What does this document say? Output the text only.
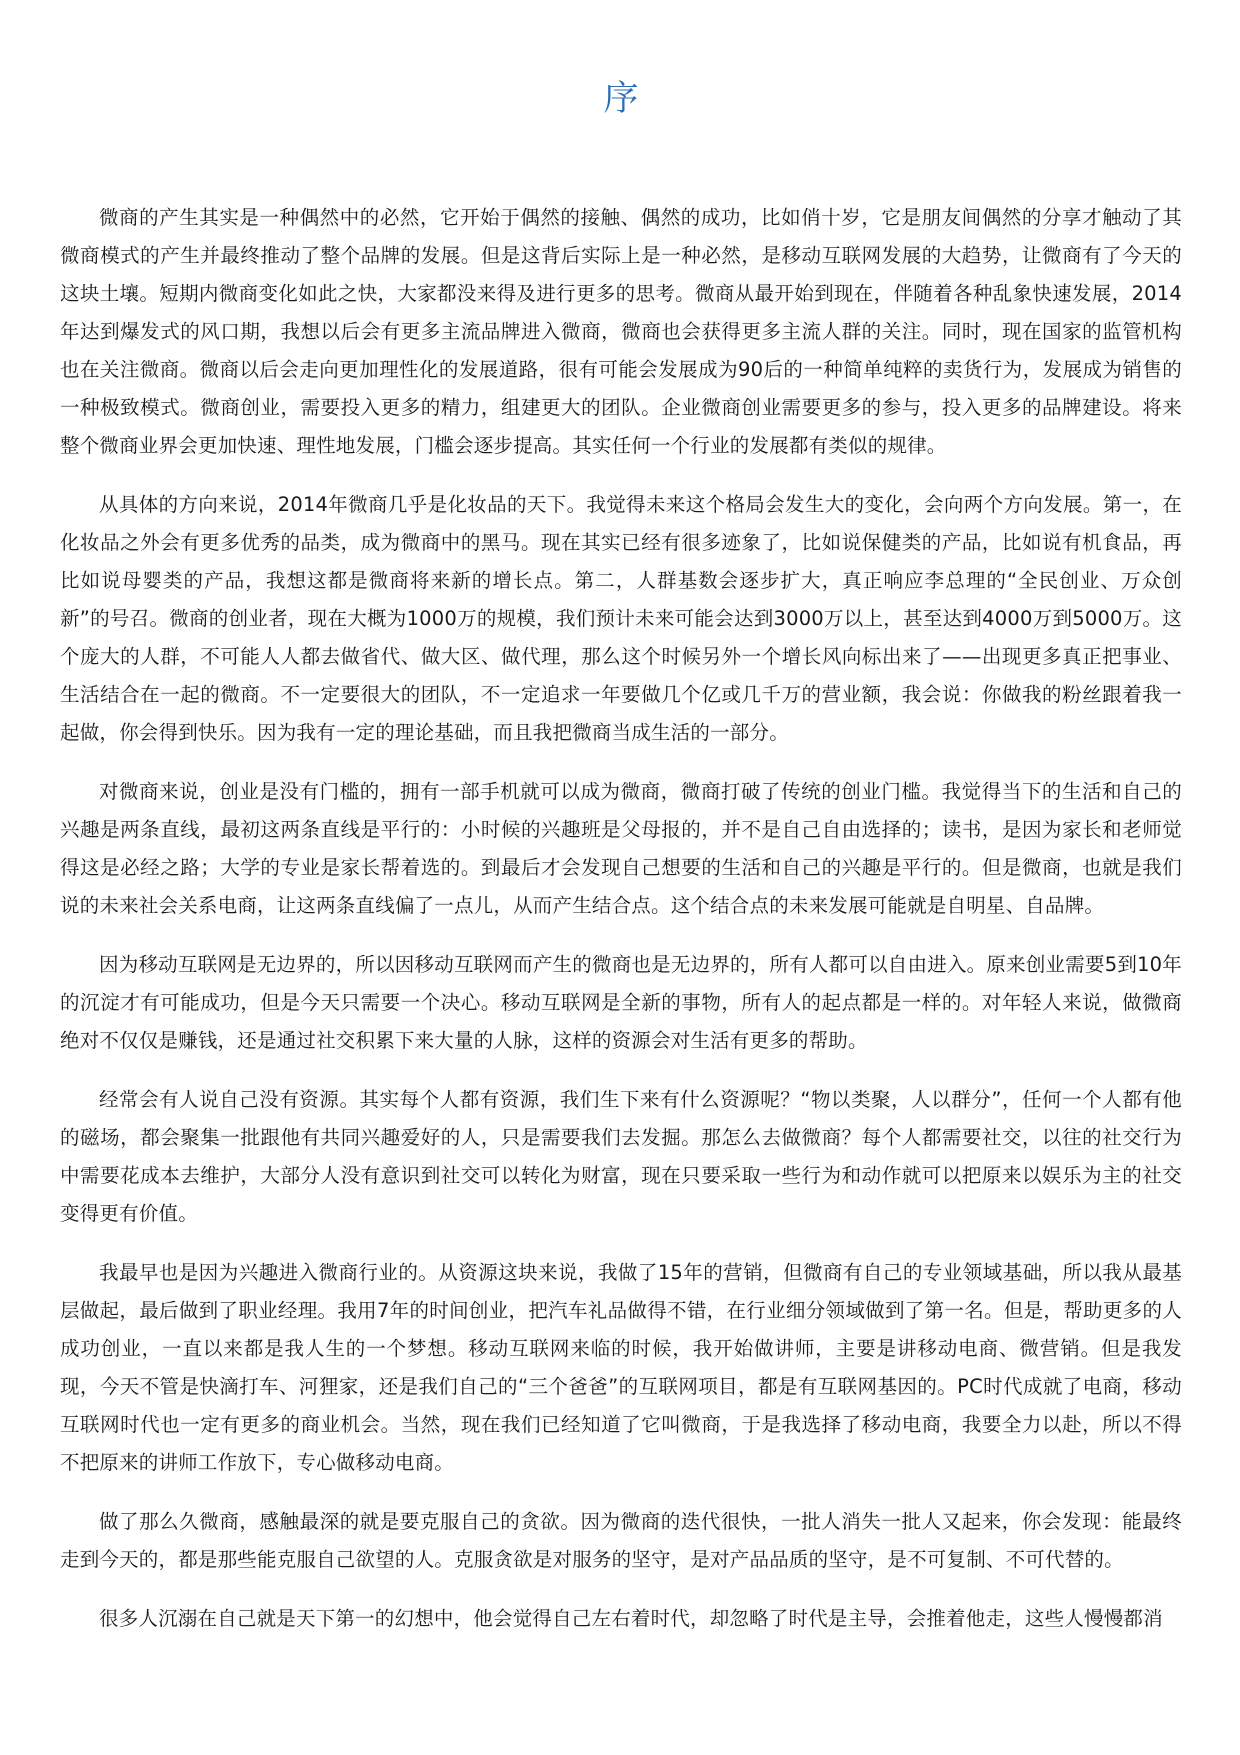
序

微商的产生其实是一种偶然中的必然，它开始于偶然的接触、偶然的成功，比如俏十岁，它是朋友间偶然的分享才触动了其微商模式的产生并最终推动了整个品牌的发展。但是这背后实际上是一种必然，是移动互联网发展的大趋势，让微商有了今天的这块土壤。短期内微商变化如此之快，大家都没来得及进行更多的思考。微商从最开始到现在，伴随着各种乱象快速发展，2014年达到爆发式的风口期，我想以后会有更多主流品牌进入微商，微商也会获得更多主流人群的关注。同时，现在国家的监管机构也在关注微商。微商以后会走向更加理性化的发展道路，很有可能会发展成为90后的一种简单纯粹的卖货行为，发展成为销售的一种极致模式。微商创业，需要投入更多的精力，组建更大的团队。企业微商创业需要更多的参与，投入更多的品牌建设。将来整个微商业界会更加快速、理性地发展，门槛会逐步提高。其实任何一个行业的发展都有类似的规律。

从具体的方向来说，2014年微商几乎是化妆品的天下。我觉得未来这个格局会发生大的变化，会向两个方向发展。第一，在化妆品之外会有更多优秀的品类，成为微商中的黑马。现在其实已经有很多迹象了，比如说保健类的产品，比如说有机食品，再比如说母婴类的产品，我想这都是微商将来新的增长点。第二，人群基数会逐步扩大，真正响应李总理的“全民创业、万众创新”的号召。微商的创业者，现在大概为1000万的规模，我们预计未来可能会达到3000万以上，甚至达到4000万到5000万。这个庞大的人群，不可能人人都去做省代、做大区、做代理，那么这个时候另外一个增长风向标出来了——出现更多真正把事业、生活结合在一起的微商。不一定要很大的团队，不一定追求一年要做几个亿或几千万的营业额，我会说：你做我的粉丝跟着我一起做，你会得到快乐。因为我有一定的理论基础，而且我把微商当成生活的一部分。

对微商来说，创业是没有门槛的，拥有一部手机就可以成为微商，微商打破了传统的创业门槛。我觉得当下的生活和自己的兴趣是两条直线，最初这两条直线是平行的：小时候的兴趣班是父母报的，并不是自己自由选择的；读书，是因为家长和老师觉得这是必经之路；大学的专业是家长帮着选的。到最后才会发现自己想要的生活和自己的兴趣是平行的。但是微商，也就是我们说的未来社会关系电商，让这两条直线偏了一点儿，从而产生结合点。这个结合点的未来发展可能就是自明星、自品牌。

因为移动互联网是无边界的，所以因移动互联网而产生的微商也是无边界的，所有人都可以自由进入。原来创业需要5到10年的沉淀才有可能成功，但是今天只需要一个决心。移动互联网是全新的事物，所有人的起点都是一样的。对年轻人来说，做微商绝对不仅仅是赚钱，还是通过社交积累下来大量的人脉，这样的资源会对生活有更多的帮助。

经常会有人说自己没有资源。其实每个人都有资源，我们生下来有什么资源呢？“物以类聚，人以群分”，任何一个人都有他的磁场，都会聚集一批跟他有共同兴趣爱好的人，只是需要我们去发掘。那怎么去做微商？每个人都需要社交，以往的社交行为中需要花成本去维护，大部分人没有意识到社交可以转化为财富，现在只要采取一些行为和动作就可以把原来以娱乐为主的社交变得更有价值。

我最早也是因为兴趣进入微商行业的。从资源这块来说，我做了15年的营销，但微商有自己的专业领域基础，所以我从最基层做起，最后做到了职业经理。我用7年的时间创业，把汽车礼品做得不错，在行业细分领域做到了第一名。但是，帮助更多的人成功创业，一直以来都是我人生的一个梦想。移动互联网来临的时候，我开始做讲师，主要是讲移动电商、微营销。但是我发现，今天不管是快滴打车、河狸家，还是我们自己的“三个爸爸”的互联网项目，都是有互联网基因的。PC时代成就了电商，移动互联网时代也一定有更多的商业机会。当然，现在我们已经知道了它叫微商，于是我选择了移动电商，我要全力以赴，所以不得不把原来的讲师工作放下，专心做移动电商。

做了那么久微商，感触最深的就是要克服自己的贪欲。因为微商的迭代很快，一批人消失一批人又起来，你会发现：能最终走到今天的，都是那些能克服自己欲望的人。克服贪欲是对服务的坚守，是对产品品质的坚守，是不可复制、不可代替的。

很多人沉溺在自己就是天下第一的幻想中，他会觉得自己左右着时代，却忽略了时代是主导，会推着他走，这些人慢慢都消
